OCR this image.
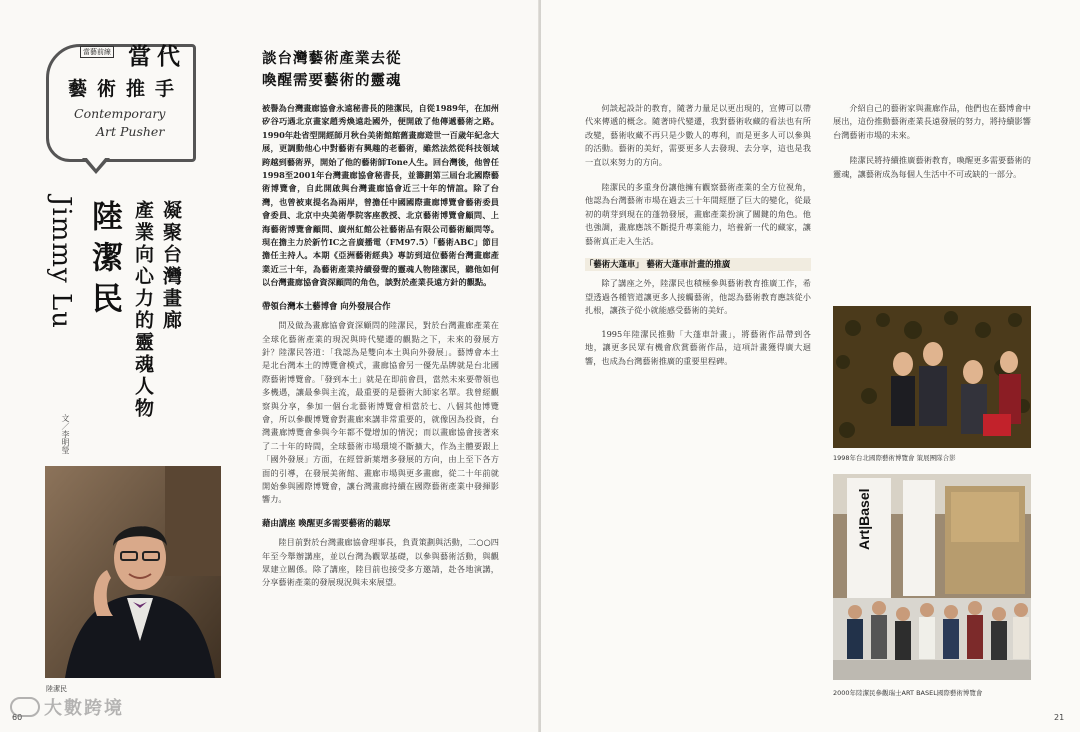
當藝前線 當代
藝術推手
Contemporary
Art Pusher
Jimmy Lu 陸潔民 凝聚台灣畫廊
產業向心力的靈魂人物
文／李明瑩
陸潔民
談台灣藝術產業去從
喚醒需要藝術的靈魂

被譽為台灣畫廊協會永遠秘書長的陸潔民，自從1989年，在加州矽谷巧遇北京畫家趙秀煥遠赴國外，便開啟了他傳遞藝術之路。1990年赴省型開經師月秋台美術館館舊畫廊遊世一百歲年紀念大展，更調動他心中對藝術有興趣的老藝術，雖然法然從科技領域跨越到藝術界，開始了他的藝術師Tone人生。回台灣後，他曾任1998至2001年台灣畫廊協會秘書長，並籌劃第三屆台北國際藝術博覽會，自此開啟與台灣畫廊協會近三十年的情誼。除了台灣，也曾被東提名為兩岸，曾擔任中國國際畫廊博覽會藝術委員會委員、北京中央美術學院客座教授、北京藝術博覽會顧問、上海藝術博覽會顧問、廣州紅館公社藝術品有限公司藝術顧問等。現在擔主力於新竹IC之音廣播電（FM97.5）「藝術ABC」節目擔任主持人。本期《亞洲藝術經典》專訪到這位藝術台灣畫廊產業近三十年，為藝術產業持續發聲的靈魂人物陸潔民，聽他如何以台灣畫廊協會資深顧問的角色，談對於產業長遠方針的觀點。

帶領台灣本土藝博會 向外發展合作

問及做為畫廊協會資深顧問的陸潔民，對於台灣畫廊產業在全球化藝術產業的現況與時代變遷的觀點之下，未來的發展方針？陸潔民答道：「我認為是雙向本土與向外發展」。藝博會本土是北台灣本土的博覽會模式，畫廊協會另一優先品牌就是台北國際藝術博覽會。「發到本土」就是在即前會員，當然未來要帶領也多機遇，讓最參與主流，最重要的是藝術大師家名單。我曾經觀察與分享，參加一個台北藝術博覽會相當於七、八個其他博覽會，所以參觀博覽會對畫廊來講非常重要的，就像因為投資，台灣畫廊博覽會參與今年都不覺增加的情況；而以畫廊協會接著來了二十年的時間，全球藝術市場環境不斷擴大，作為主體要跟上「國外發展」方面，在經營新葉增多發展的方向，由上至下各方面的引導，在發展美術館、畫廊市場與更多畫廊，從二十年前就開始參與國際博覽會，讓台灣畫廊持續在國際藝術產業中發揮影響力。

藉由講座 喚醒更多需要藝術的聽眾

陸目前對於台灣畫廊協會理事長，負責策劃與活動，二○○四年至今舉辦講座，並以台灣為觀眾基礎，以參與藝術活動，與觀眾建立關係。除了講座，陸目前也接受多方邀請，赴各地演講，分享藝術產業的發展現況與未來展望。

60

何談起設計的教育，隨著力量足以更出現的，宣傳可以帶代來傳遞的概念。隨著時代變遷，我對藝術收藏的看法也有所改變，藝術收藏不再只是少數人的專利，而是更多人可以參與的活動。藝術的美好，需要更多人去發現、去分享，這也是我一直以來努力的方向。

陸潔民的多重身份讓他擁有觀察藝術產業的全方位視角，他認為台灣藝術市場在過去三十年間經歷了巨大的變化，從最初的萌芽到現在的蓬勃發展，畫廊產業扮演了關鍵的角色。他也強調，畫廊應該不斷提升專業能力，培養新一代的藏家，讓藝術真正走入生活。

「藝術大蓬車」 藝術大蓬車計畫的推廣

除了講座之外，陸潔民也積極參與藝術教育推廣工作，希望透過各種管道讓更多人接觸藝術，他認為藝術教育應該從小扎根，讓孩子從小就能感受藝術的美好。

1995年陸潔民推動「大蓬車計畫」，將藝術作品帶到各地，讓更多民眾有機會欣賞藝術作品，這項計畫獲得廣大迴響，也成為台灣藝術推廣的重要里程碑。

介紹自己的藝術家與畫廊作品，他們也在藝博會中展出，這份推動藝術產業長遠發展的努力，將持續影響台灣藝術市場的未來。

陸潔民將持續推廣藝術教育，喚醒更多需要藝術的靈魂，讓藝術成為每個人生活中不可或缺的一部分。

1998年台北國際藝術博覽會 策展團隊合影
Art|Basel
2000年陸潔民參觀瑞士ART BASEL國際藝術博覽會
21
大數跨境
